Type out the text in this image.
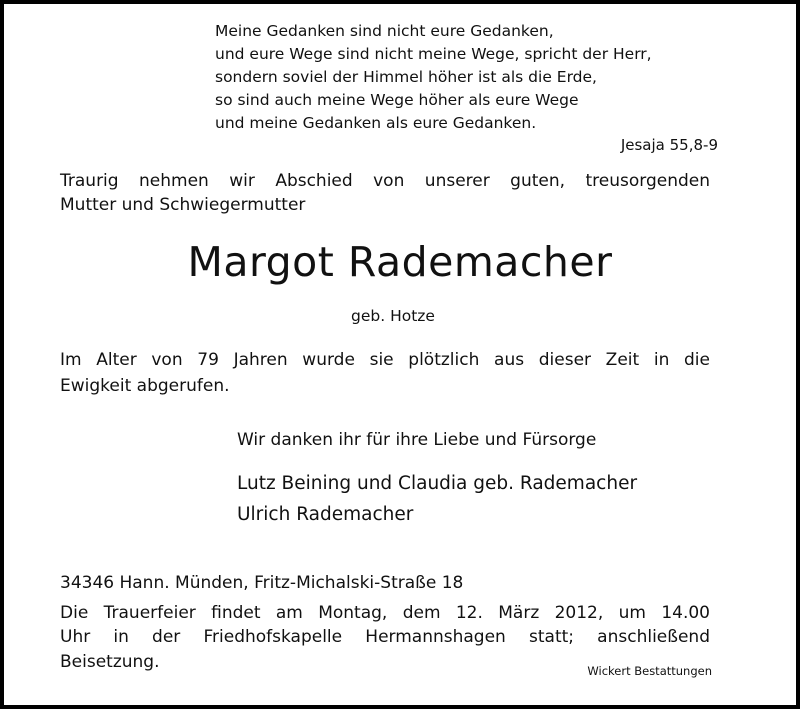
Meine Gedanken sind nicht eure Gedanken,
und eure Wege sind nicht meine Wege, spricht der Herr,
sondern soviel der Himmel höher ist als die Erde,
so sind auch meine Wege höher als eure Wege
und meine Gedanken als eure Gedanken.
Jesaja 55,8-9
Traurig nehmen wir Abschied von unserer guten, treusorgenden
Mutter und Schwiegermutter
Margot Rademacher
geb. Hotze
Im Alter von 79 Jahren wurde sie plötzlich aus dieser Zeit in die
Ewigkeit abgerufen.
Wir danken ihr für ihre Liebe und Fürsorge
Lutz Beining und Claudia geb. Rademacher
Ulrich Rademacher
34346 Hann. Münden, Fritz-Michalski-Straße 18
Die Trauerfeier findet am Montag, dem 12. März 2012, um 14.00
Uhr in der Friedhofskapelle Hermannshagen statt; anschließend
Beisetzung.	Wickert Bestattungen
